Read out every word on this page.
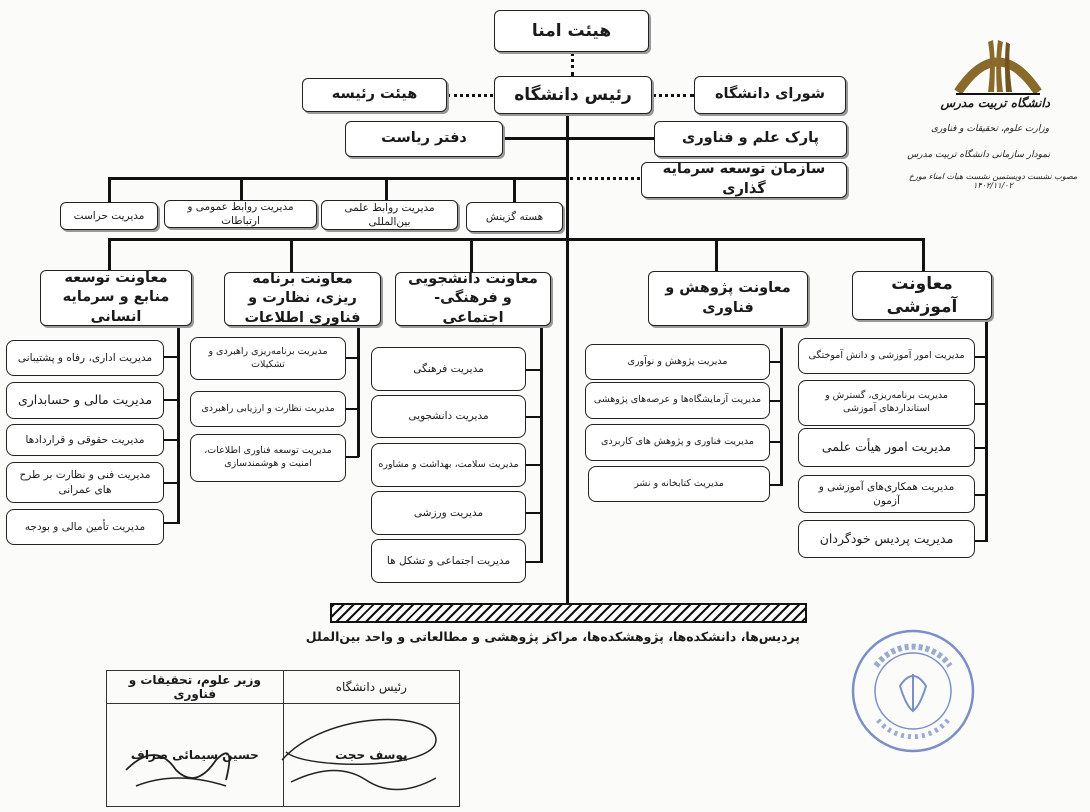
هیئت امنا
رئیس دانشگاه
هیئت رئیسه	شورای دانشگاه
دفتر ریاست	پارک علم و فناوری
سازمان توسعه سرمایه گذاری
مدیریت حراست
مدیریت روابط عمومی و ارتباطات
مدیریت روابط علمی بین‌المللی	هسته گزینش
معاونت توسعه منابع و سرمایه انسانی
معاونت برنامه ریزی، نظارت و فناوری اطلاعات
معاونت دانشجویی و فرهنگی- اجتماعی
معاونت پژوهش و فناوری
معاونت آموزشی
مدیریت اداری، رفاه و پشتیبانی
مدیریت مالی و حسابداری
مدیریت حقوقی و قراردادها
مدیریت فنی و نظارت بر طرح های عمرانی
مدیریت تأمین مالی و بودجه
مدیریت برنامه‌ریزی راهبردی و تشکیلات
مدیریت نظارت و ارزیابی راهبردی
مدیریت توسعه فناوری اطلاعات، امنیت و هوشمندسازی
مدیریت فرهنگی
مدیریت دانشجویی
مدیریت سلامت، بهداشت و مشاوره
مدیریت ورزشی
مدیریت اجتماعی و تشکل ها
مدیریت پژوهش و نوآوری
مدیریت آزمایشگاه‌ها و عرصه‌های پژوهشی
مدیریت فناوری و پژوهش های کاربردی
مدیریت کتابخانه و نشر
مدیریت امور آموزشی و دانش آموختگی
مدیریت برنامه‌ریزی، گسترش و استانداردهای آموزشی
مدیریت امور هیأت علمی
مدیریت همکاری‌های آموزشی و آزمون
مدیریت پردیس خودگردان
پردیس‌ها، دانشکده‌ها، پژوهشکده‌ها، مراکز پژوهشی و مطالعاتی و واحد بین‌الملل
دانشگاه تربیت مدرس
وزارت علوم، تحقیقات و فناوری
نمودار سازمانی دانشگاه تربیت مدرس
مصوب نشست دویستمین نشست هیات امناء مورخ ۱۴۰۲/۱۱/۰۲
رئیس دانشگاه	وزیر علوم، تحقیقات و فناوری

یوسف حجت	حسین سیمائی صراف
